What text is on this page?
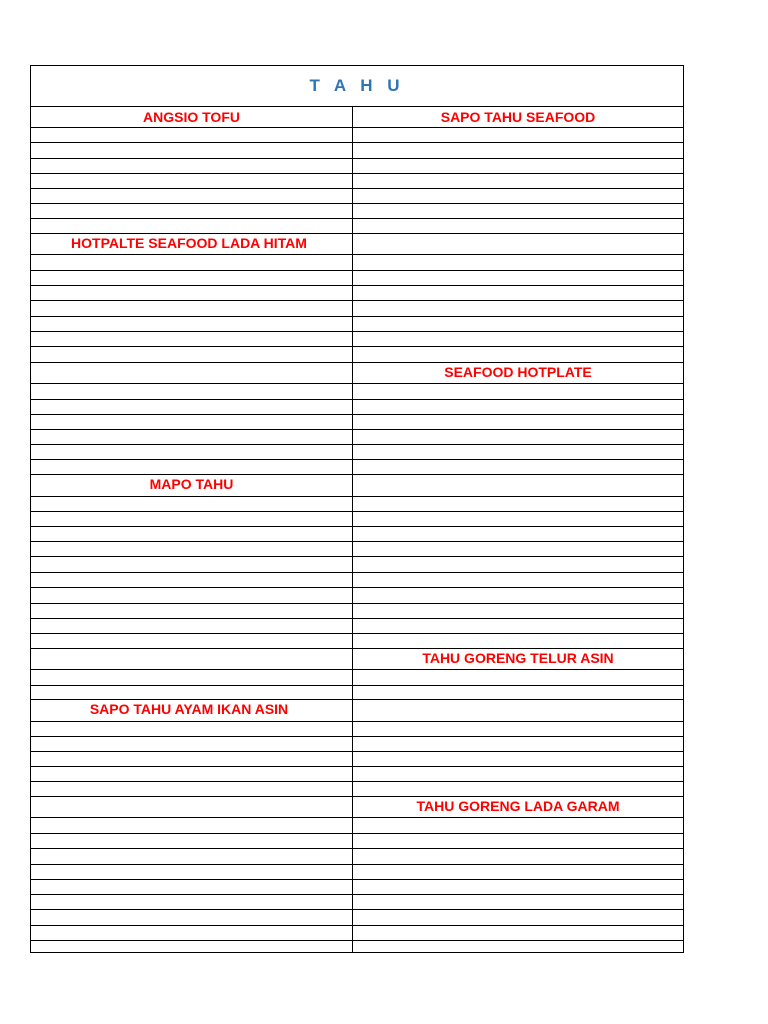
T A H U
ANGSIO TOFU
HOTPALTE SEAFOOD LADA HITAM
MAPO TAHU
SAPO TAHU AYAM IKAN ASIN
SAPO TAHU SEAFOOD
SEAFOOD HOTPLATE
TAHU GORENG TELUR ASIN
TAHU GORENG LADA GARAM
